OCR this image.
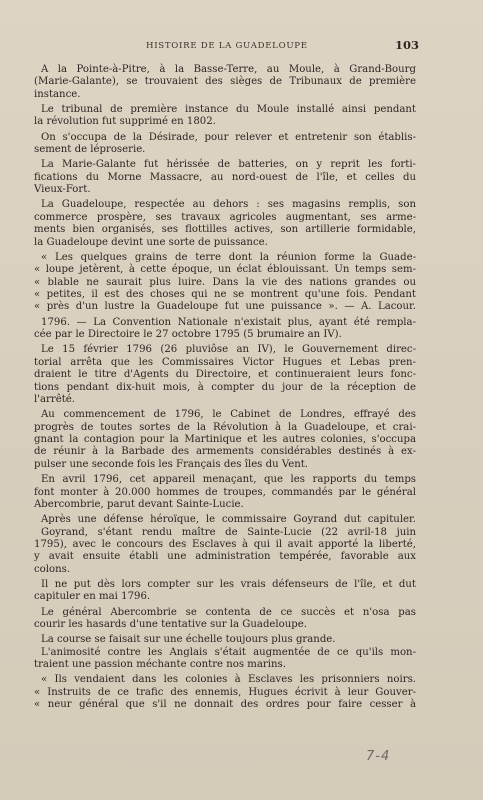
HISTOIRE DE LA GUADELOUPE	103
A la Pointe-à-Pitre, à la Basse-Terre, au Moule, à Grand-Bourg
(Marie-Galante), se trouvaient des sièges de Tribunaux de première
instance.
Le tribunal de première instance du Moule installé ainsi pendant
la révolution fut supprimé en 1802.
On s'occupa de la Désirade, pour relever et entretenir son établis-
sement de léproserie.
La Marie-Galante fut hérissée de batteries, on y reprit les forti-
fications du Morne Massacre, au nord-ouest de l'île, et celles du
Vieux-Fort.
La Guadeloupe, respectée au dehors : ses magasins remplis, son
commerce prospère, ses travaux agricoles augmentant, ses arme-
ments bien organisés, ses flottilles actives, son artillerie formidable,
la Guadeloupe devint une sorte de puissance.
« Les quelques grains de terre dont la réunion forme la Guade-
« loupe jetèrent, à cette époque, un éclat éblouissant. Un temps sem-
« blable ne saurait plus luire. Dans la vie des nations grandes ou
« petites, il est des choses qui ne se montrent qu'une fois. Pendant
« près d'un lustre la Guadeloupe fut une puissance ». — A. Lacour.
1796. — La Convention Nationale n'existait plus, ayant été rempla-
cée par le Directoire le 27 octobre 1795 (5 brumaire an IV).
Le 15 février 1796 (26 pluviôse an IV), le Gouvernement direc-
torial arrêta que les Commissaires Victor Hugues et Lebas pren-
draient le titre d'Agents du Directoire, et continueraient leurs fonc-
tions pendant dix-huit mois, à compter du jour de la réception de
l'arrêté.
Au commencement de 1796, le Cabinet de Londres, effrayé des
progrès de toutes sortes de la Révolution à la Guadeloupe, et crai-
gnant la contagion pour la Martinique et les autres colonies, s'occupa
de réunir à la Barbade des armements considérables destinés à ex-
pulser une seconde fois les Français des îles du Vent.
En avril 1796, cet appareil menaçant, que les rapports du temps
font monter à 20.000 hommes de troupes, commandés par le général
Abercombrie, parut devant Sainte-Lucie.
Après une défense héroïque, le commissaire Goyrand dut capituler.
Goyrand, s'étant rendu maître de Sainte-Lucie (22 avril-18 juin
1795), avec le concours des Esclaves à qui il avait apporté la liberté,
y avait ensuite établi une administration tempérée, favorable aux
colons.
Il ne put dès lors compter sur les vrais défenseurs de l'île, et dut
capituler en mai 1796.
Le général Abercombrie se contenta de ce succès et n'osa pas
courir les hasards d'une tentative sur la Guadeloupe.
La course se faisait sur une échelle toujours plus grande.
L'animosité contre les Anglais s'était augmentée de ce qu'ils mon-
traient une passion méchante contre nos marins.
« Ils vendaient dans les colonies à Esclaves les prisonniers noirs.
« Instruits de ce trafic des ennemis, Hugues écrivit à leur Gouver-
« neur général que s'il ne donnait des ordres pour faire cesser à
7-4
